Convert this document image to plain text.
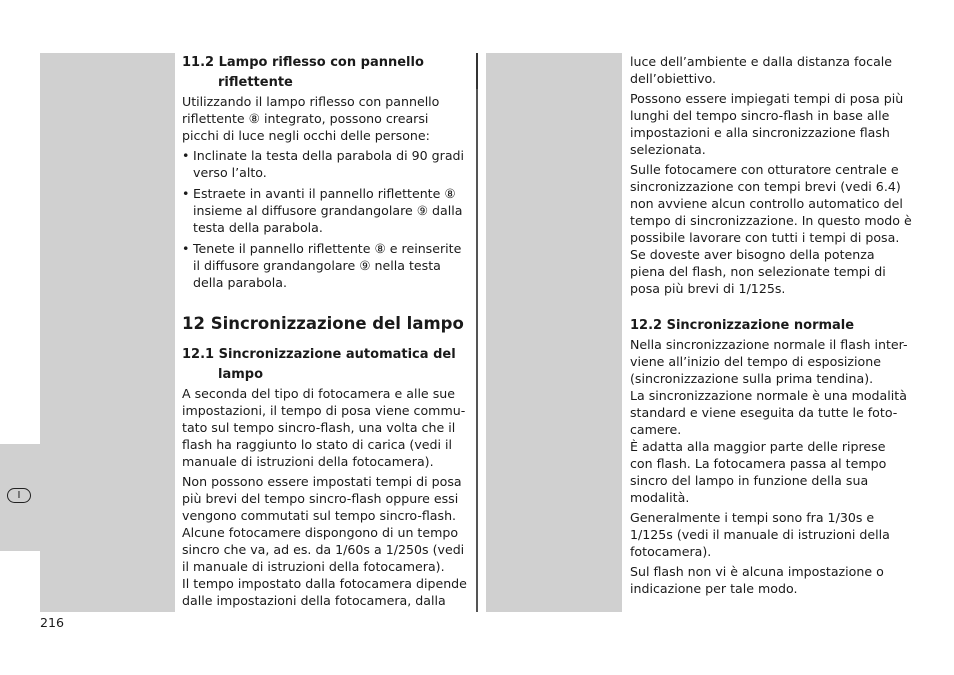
I
11.2 Lampo riflesso con pannello
riflettente

Utilizzando il lampo riflesso con pannello riflettente ⑧ integrato, possono crearsi picchi di luce negli occhi delle persone:

• Inclinate la testa della parabola di 90 gradi verso l’alto.

• Estraete in avanti il pannello riflettente ⑧ insieme al diffusore grandangolare ⑨ dalla testa della parabola.

• Tenete il pannello riflettente ⑧ e reinserite il diffusore grandangolare ⑨ nella testa della parabola.

12 Sincronizzazione del lampo
12.1 Sincronizzazione automatica del
lampo

A seconda del tipo di fotocamera e alle sue impostazioni, il tempo di posa viene commu-tato sul tempo sincro-flash, una volta che il flash ha raggiunto lo stato di carica (vedi il manuale di istruzioni della fotocamera).

Non possono essere impostati tempi di posa più brevi del tempo sincro-flash oppure essi vengono commutati sul tempo sincro-flash.

Alcune fotocamere dispongono di un tempo sincro che va, ad es. da 1/60s a 1/250s (vedi il manuale di istruzioni della fotocamera).

Il tempo impostato dalla fotocamera dipende dalle impostazioni della fotocamera, dalla

luce dell’ambiente e dalla distanza focale dell’obiettivo.

Possono essere impiegati tempi di posa più lunghi del tempo sincro-flash in base alle impostazioni e alla sincronizzazione flash selezionata.

Sulle fotocamere con otturatore centrale e sincronizzazione con tempi brevi (vedi 6.4) non avviene alcun controllo automatico del tempo di sincronizzazione. In questo modo è possibile lavorare con tutti i tempi di posa.

Se doveste aver bisogno della potenza piena del flash, non selezionate tempi di posa più brevi di 1/125s.

12.2 Sincronizzazione normale

Nella sincronizzazione normale il flash inter-viene all’inizio del tempo di esposizione (sincronizzazione sulla prima tendina).

La sincronizzazione normale è una modalità standard e viene eseguita da tutte le foto-camere.

È adatta alla maggior parte delle riprese con flash. La fotocamera passa al tempo sincro del lampo in funzione della sua modalità.

Generalmente i tempi sono fra 1/30s e 1/125s (vedi il manuale di istruzioni della fotocamera).

Sul flash non vi è alcuna impostazione o indicazione per tale modo.

216
